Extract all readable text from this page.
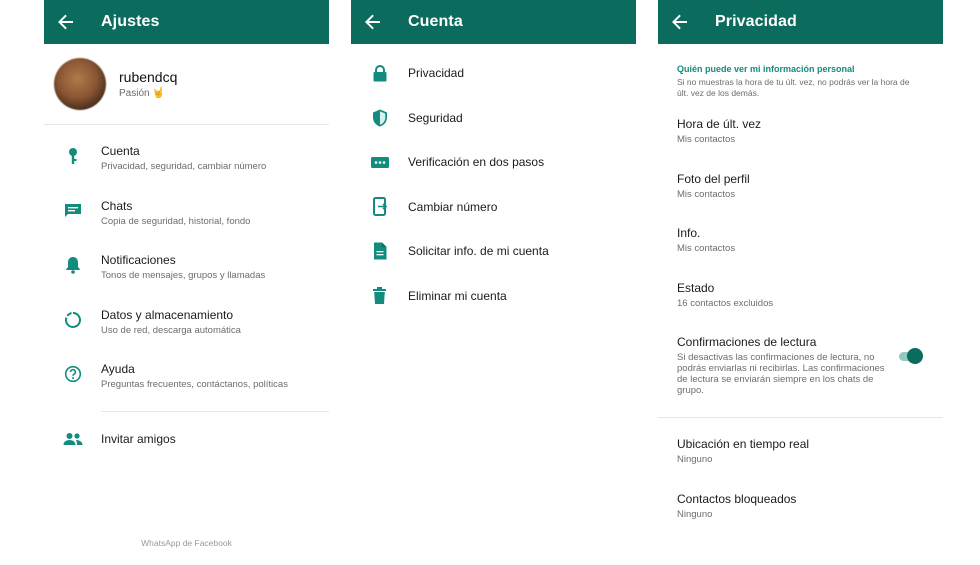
Ajustes
rubendcq
Pasión 🤘
Cuenta
Privacidad, seguridad, cambiar número
Chats
Copia de seguridad, historial, fondo
Notificaciones
Tonos de mensajes, grupos y llamadas
Datos y almacenamiento
Uso de red, descarga automática
Ayuda
Preguntas frecuentes, contáctanos, políticas
Invitar amigos
WhatsApp de Facebook
Cuenta
Privacidad
Seguridad
Verificación en dos pasos
Cambiar número
Solicitar info. de mi cuenta
Eliminar mi cuenta
Privacidad
Quién puede ver mi información personal
Si no muestras la hora de tu últ. vez, no podrás ver la hora de últ. vez de los demás.
Hora de últ. vez
Mis contactos
Foto del perfil
Mis contactos
Info.
Mis contactos
Estado
16 contactos excluidos
Confirmaciones de lectura
Si desactivas las confirmaciones de lectura, no podrás enviarlas ni recibirlas. Las confirmaciones de lectura se enviarán siempre en los chats de grupo.
Ubicación en tiempo real
Ninguno
Contactos bloqueados
Ninguno
